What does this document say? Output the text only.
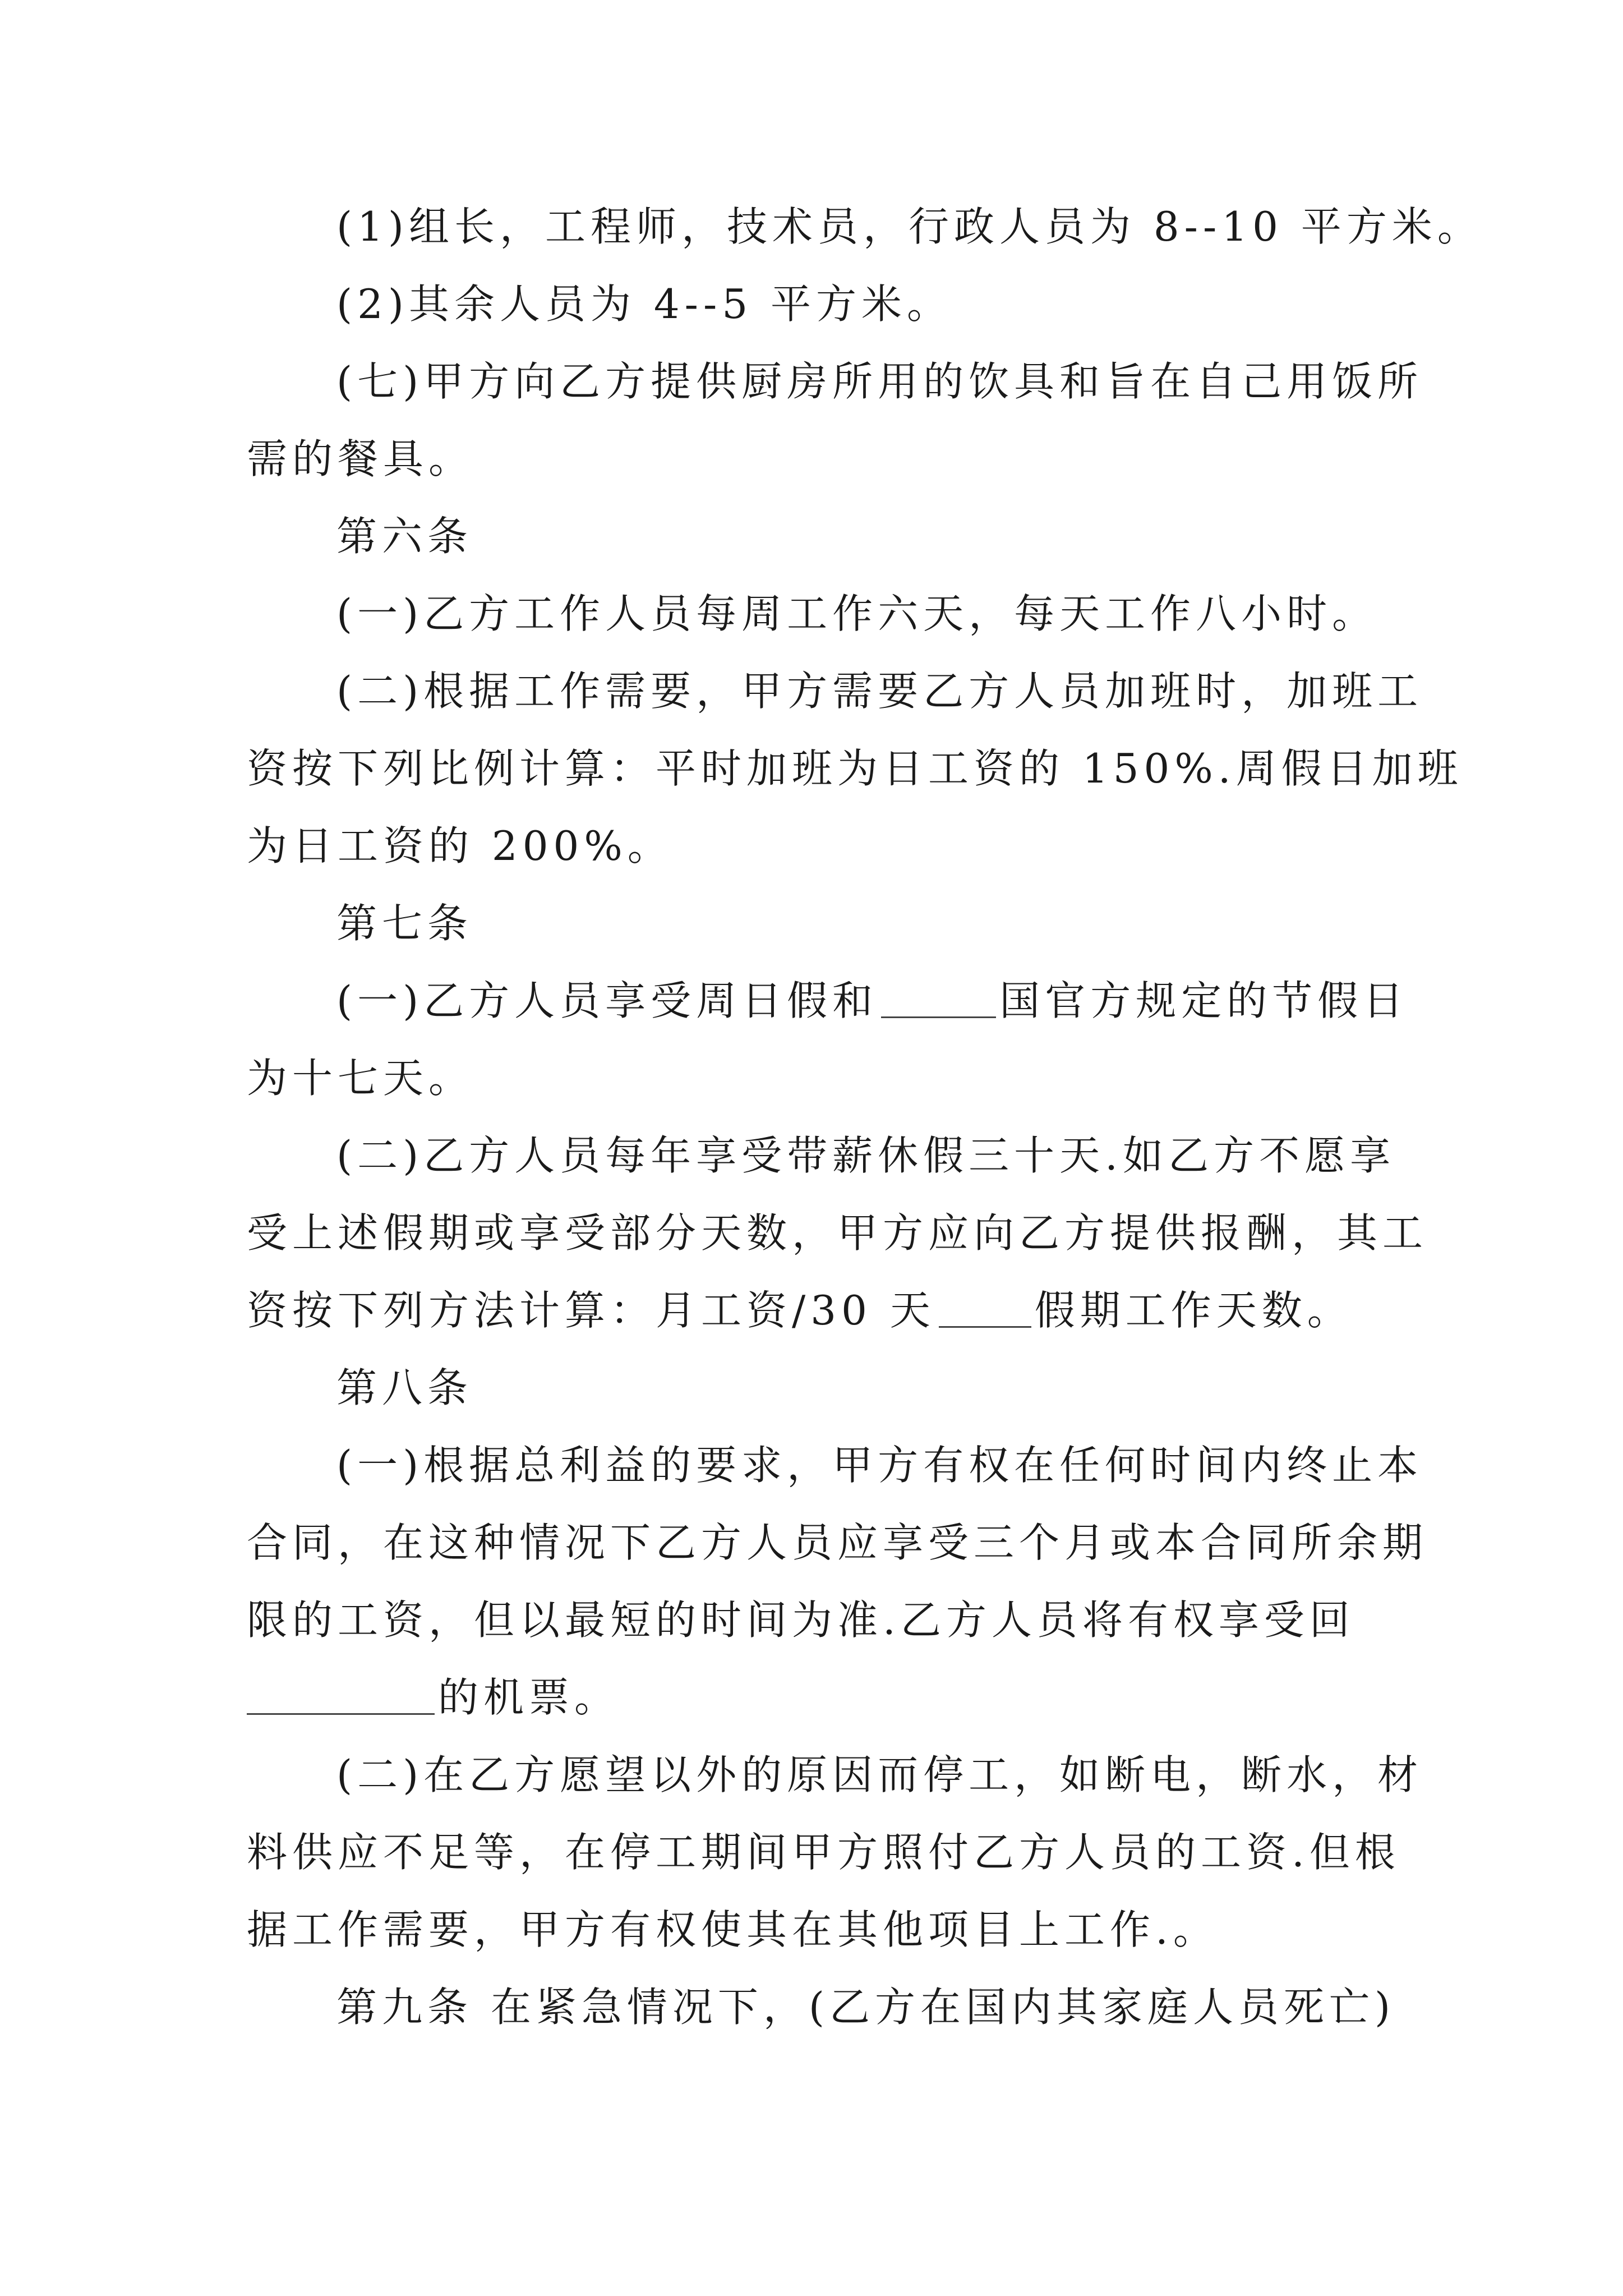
(1)组长，工程师，技术员，行政人员为 8--10 平方米。
(2)其余人员为 4--5 平方米。
(七)甲方向乙方提供厨房所用的饮具和旨在自己用饭所
需的餐具。
第六条
(一)乙方工作人员每周工作六天，每天工作八小时。
(二)根据工作需要，甲方需要乙方人员加班时，加班工
资按下列比例计算：平时加班为日工资的 150%.周假日加班
为日工资的 200%。
第七条
(一)乙方人员享受周日假和	国官方规定的节假日
为十七天。
(二)乙方人员每年享受带薪休假三十天.如乙方不愿享
受上述假期或享受部分天数，甲方应向乙方提供报酬，其工
资按下列方法计算：月工资/30 天 假期工作天数。
第八条
(一)根据总利益的要求，甲方有权在任何时间内终止本
合同，在这种情况下乙方人员应享受三个月或本合同所余期
限的工资，但以最短的时间为准.乙方人员将有权享受回
的机票。
(二)在乙方愿望以外的原因而停工，如断电，断水，材
料供应不足等，在停工期间甲方照付乙方人员的工资.但根
据工作需要，甲方有权使其在其他项目上工作.。
第九条 在紧急情况下，(乙方在国内其家庭人员死亡)
